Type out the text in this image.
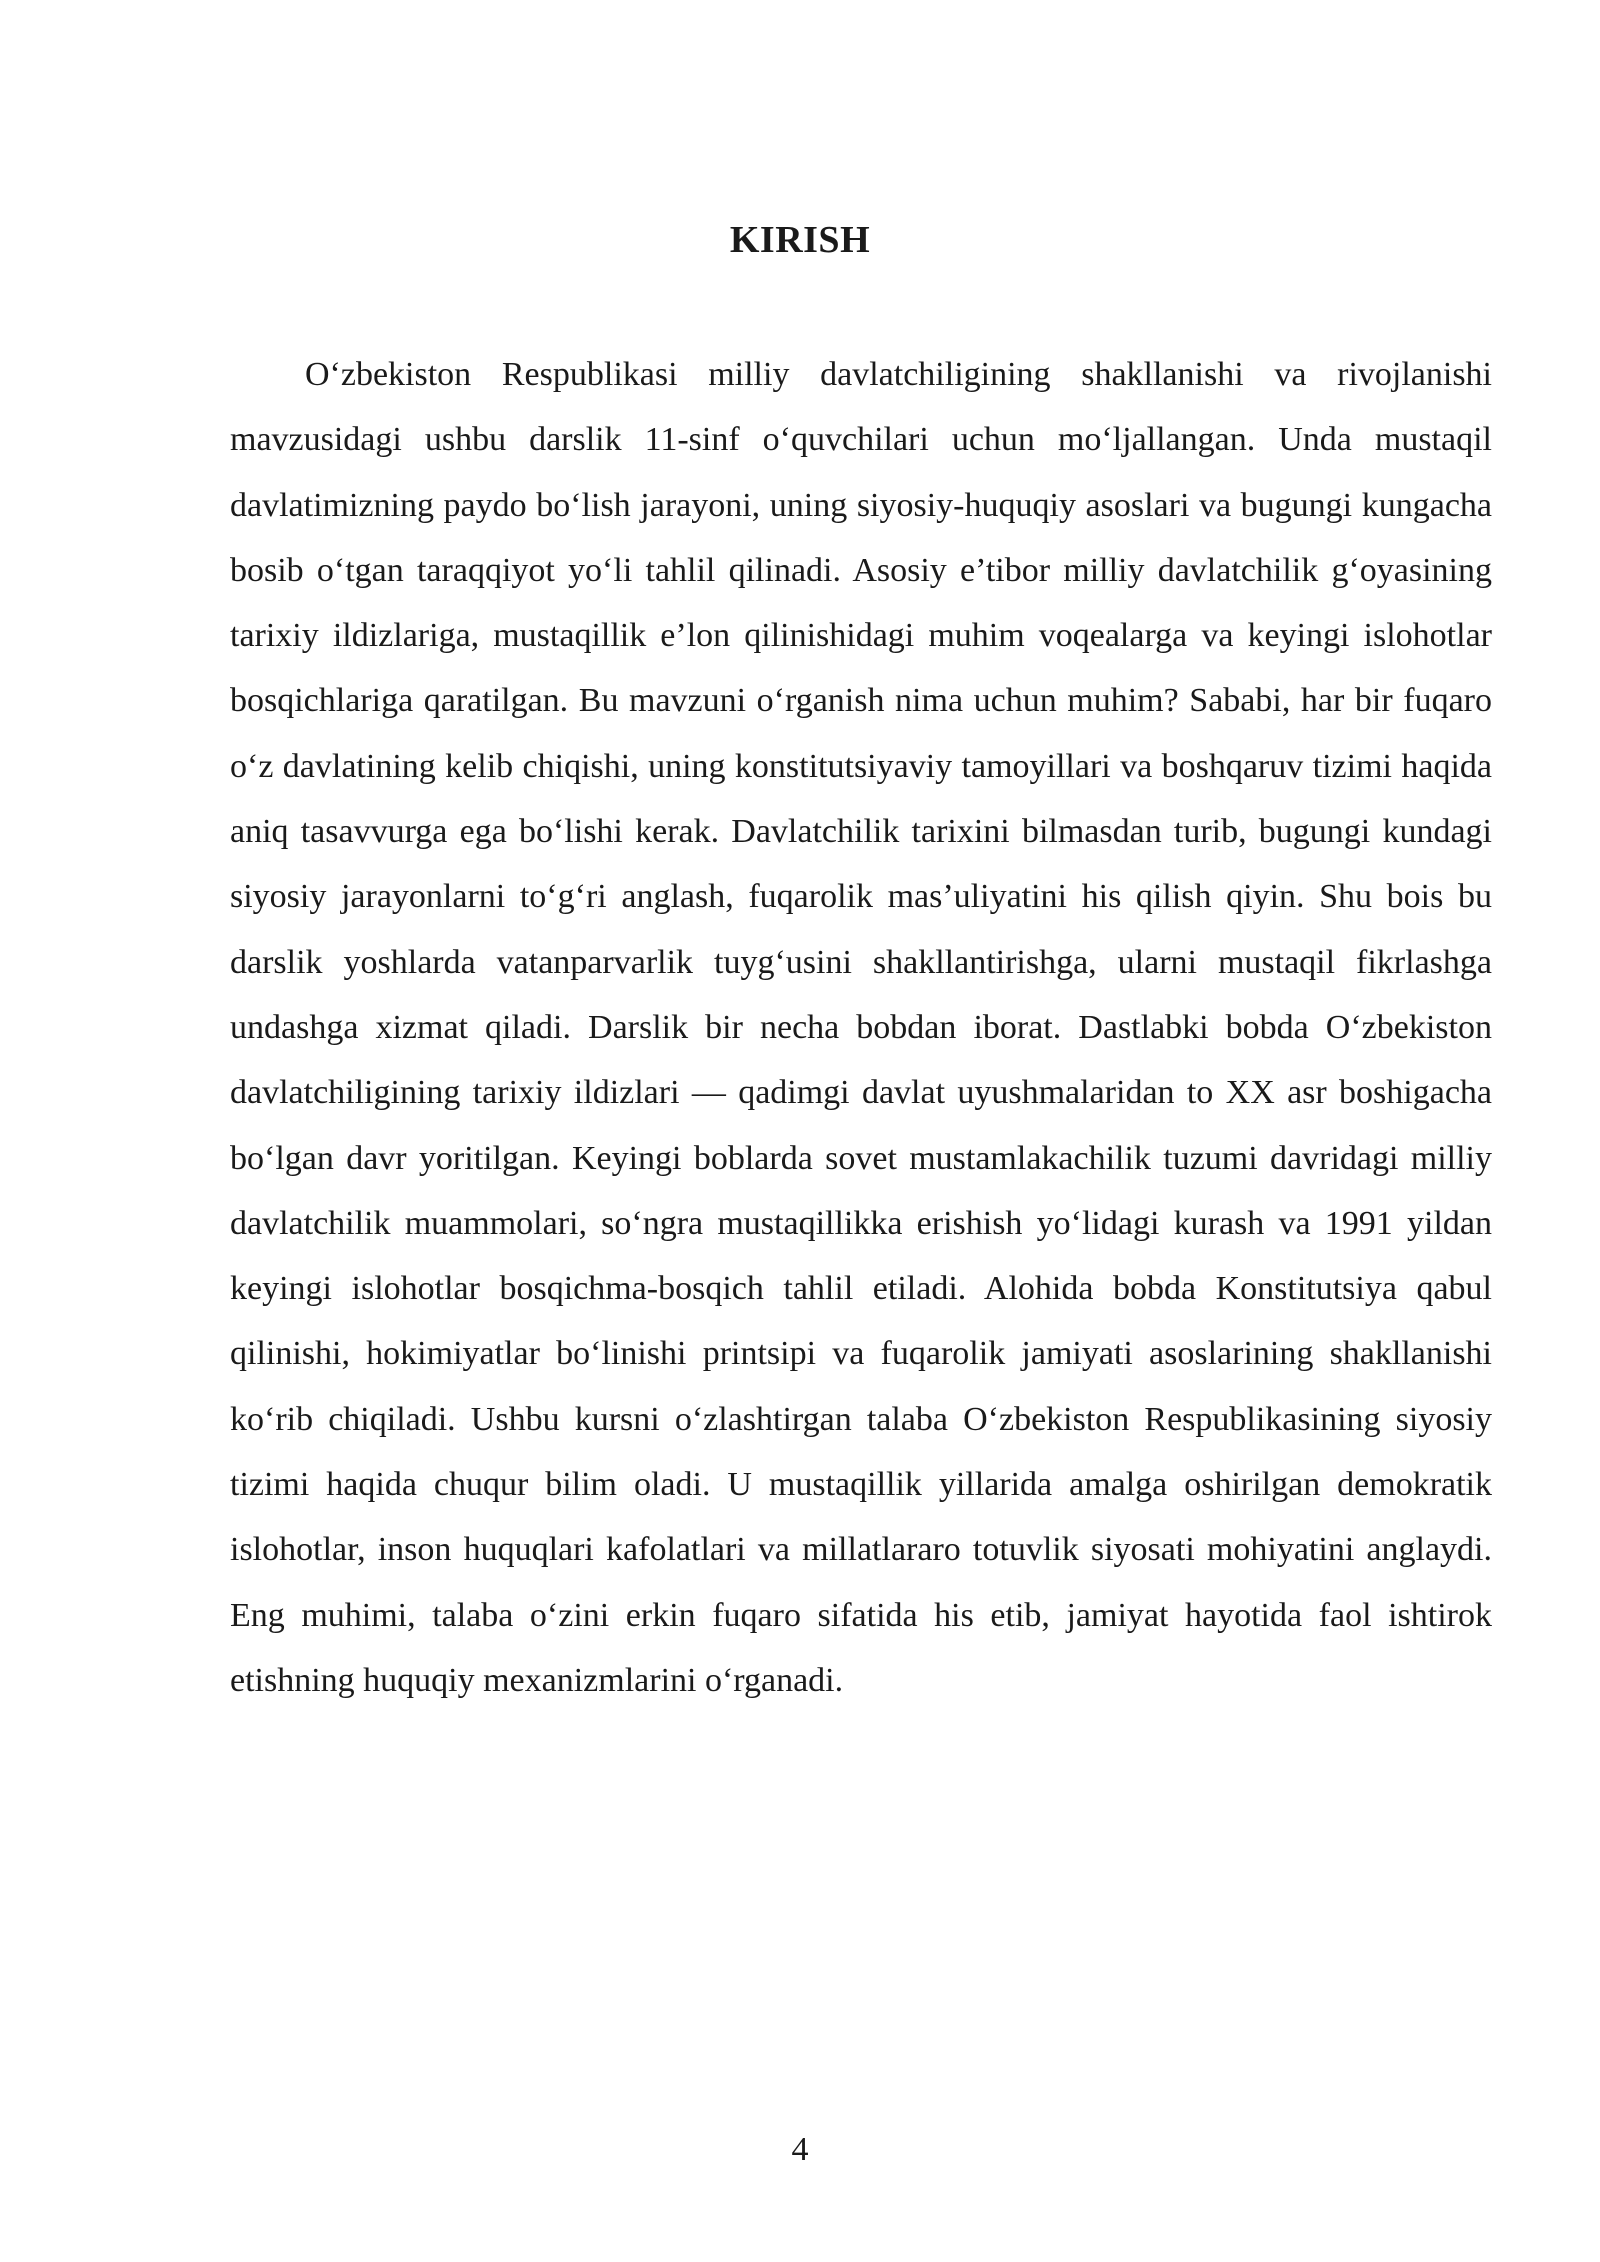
KIRISH

O‘zbekiston Respublikasi milliy davlatchiligining shakllanishi va rivojlanishi mavzusidagi ushbu darslik 11-sinf o‘quvchilari uchun mo‘ljallangan. Unda mustaqil davlatimizning paydo bo‘lish jarayoni, uning siyosiy-huquqiy asoslari va bugungi kungacha bosib o‘tgan taraqqiyot yo‘li tahlil qilinadi. Asosiy e’tibor milliy davlatchilik g‘oyasining tarixiy ildizlariga, mustaqillik e’lon qilinishidagi muhim voqealarga va keyingi islohotlar bosqichlariga qaratilgan. Bu mavzuni o‘rganish nima uchun muhim? Sababi, har bir fuqaro o‘z davlatining kelib chiqishi, uning konstitutsiyaviy tamoyillari va boshqaruv tizimi haqida aniq tasavvurga ega bo‘lishi kerak. Davlatchilik tarixini bilmasdan turib, bugungi kundagi siyosiy jarayonlarni to‘g‘ri anglash, fuqarolik mas’uliyatini his qilish qiyin. Shu bois bu darslik yoshlarda vatanparvarlik tuyg‘usini shakllantirishga, ularni mustaqil fikrlashga undashga xizmat qiladi. Darslik bir necha bobdan iborat. Dastlabki bobda O‘zbekiston davlatchiligining tarixiy ildizlari — qadimgi davlat uyushmalaridan to XX asr boshigacha bo‘lgan davr yoritilgan. Keyingi boblarda sovet mustamlakachilik tuzumi davridagi milliy davlatchilik muammolari, so‘ngra mustaqillikka erishish yo‘lidagi kurash va 1991 yildan keyingi islohotlar bosqichma-bosqich tahlil etiladi. Alohida bobda Konstitutsiya qabul qilinishi, hokimiyatlar bo‘linishi printsipi va fuqarolik jamiyati asoslarining shakllanishi ko‘rib chiqiladi. Ushbu kursni o‘zlashtirgan talaba O‘zbekiston Respublikasining siyosiy tizimi haqida chuqur bilim oladi. U mustaqillik yillarida amalga oshirilgan demokratik islohotlar, inson huquqlari kafolatlari va millatlararo totuvlik siyosati mohiyatini anglaydi. Eng muhimi, talaba o‘zini erkin fuqaro sifatida his etib, jamiyat hayotida faol ishtirok etishning huquqiy mexanizmlarini o‘rganadi.

4
